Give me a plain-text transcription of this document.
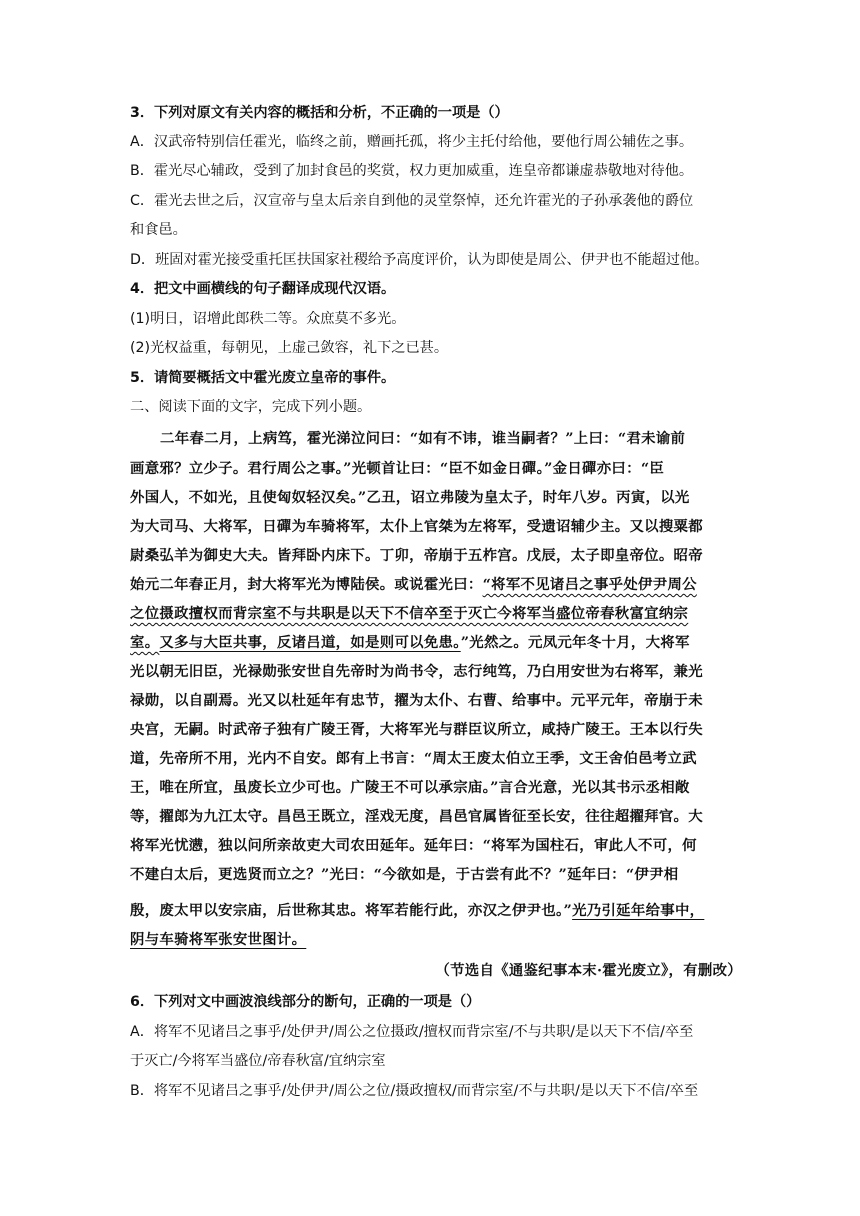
3．下列对原文有关内容的概括和分析，不正确的一项是（）
A．汉武帝特别信任霍光，临终之前，赠画托孤，将少主托付给他，要他行周公辅佐之事。
B．霍光尽心辅政，受到了加封食邑的奖赏，权力更加威重，连皇帝都谦虚恭敬地对待他。
C．霍光去世之后，汉宣帝与皇太后亲自到他的灵堂祭悼，还允许霍光的子孙承袭他的爵位
和食邑。
D．班固对霍光接受重托匡扶国家社稷给予高度评价，认为即使是周公、伊尹也不能超过他。
4．把文中画横线的句子翻译成现代汉语。
(1)明日，诏增此郎秩二等。众庶莫不多光。
(2)光权益重，每朝见，上虚己敛容，礼下之已甚。
5．请简要概括文中霍光废立皇帝的事件。
二、阅读下面的文字，完成下列小题。
二年春二月，上病笃，霍光涕泣问曰：“如有不讳，谁当嗣者？”上曰：“君未谕前
画意邪？立少子。君行周公之事。”光顿首让曰：“臣不如金日磾。”金日磾亦曰：“臣
外国人，不如光，且使匈奴轻汉矣。”乙丑，诏立弗陵为皇太子，时年八岁。丙寅，以光
为大司马、大将军，日磾为车骑将军，太仆上官桀为左将军，受遗诏辅少主。又以搜粟都
尉桑弘羊为御史大夫。皆拜卧内床下。丁卯，帝崩于五柞宫。戊辰，太子即皇帝位。昭帝
始元二年春正月，封大将军光为博陆侯。或说霍光曰：“将军不见诸吕之事乎处伊尹周公
之位摄政擅权而背宗室不与共职是以天下不信卒至于灭亡今将军当盛位帝春秋富宜纳宗
室。又多与大臣共事，反诸吕道，如是则可以免患。”光然之。元凤元年冬十月，大将军
光以朝无旧臣，光禄勋张安世自先帝时为尚书令，志行纯笃，乃白用安世为右将军，兼光
禄勋，以自副焉。光又以杜延年有忠节，擢为太仆、右曹、给事中。元平元年，帝崩于未
央宫，无嗣。时武帝子独有广陵王胥，大将军光与群臣议所立，咸持广陵王。王本以行失
道，先帝所不用，光内不自安。郎有上书言：“周太王废太伯立王季，文王舍伯邑考立武
王，唯在所宜，虽废长立少可也。广陵王不可以承宗庙。”言合光意，光以其书示丞相敞
等，擢郎为九江太守。昌邑王既立，淫戏无度，昌邑官属皆征至长安，往往超擢拜官。大
将军光忧懑，独以问所亲故吏大司农田延年。延年曰：“将军为国柱石，审此人不可，何
不建白太后，更选贤而立之？”光曰：“今欲如是，于古尝有此不？”延年曰：“伊尹相
殷，废太甲以安宗庙，后世称其忠。将军若能行此，亦汉之伊尹也。”光乃引延年给事中，
阴与车骑将军张安世图计。
（节选自《通鉴纪事本末·霍光废立》，有删改）
6．下列对文中画波浪线部分的断句，正确的一项是（）
A．将军不见诸吕之事乎/处伊尹/周公之位摄政/擅权而背宗室/不与共职/是以天下不信/卒至
于灭亡/今将军当盛位/帝春秋富/宜纳宗室
B．将军不见诸吕之事乎/处伊尹/周公之位/摄政擅权/而背宗室/不与共职/是以天下不信/卒至
